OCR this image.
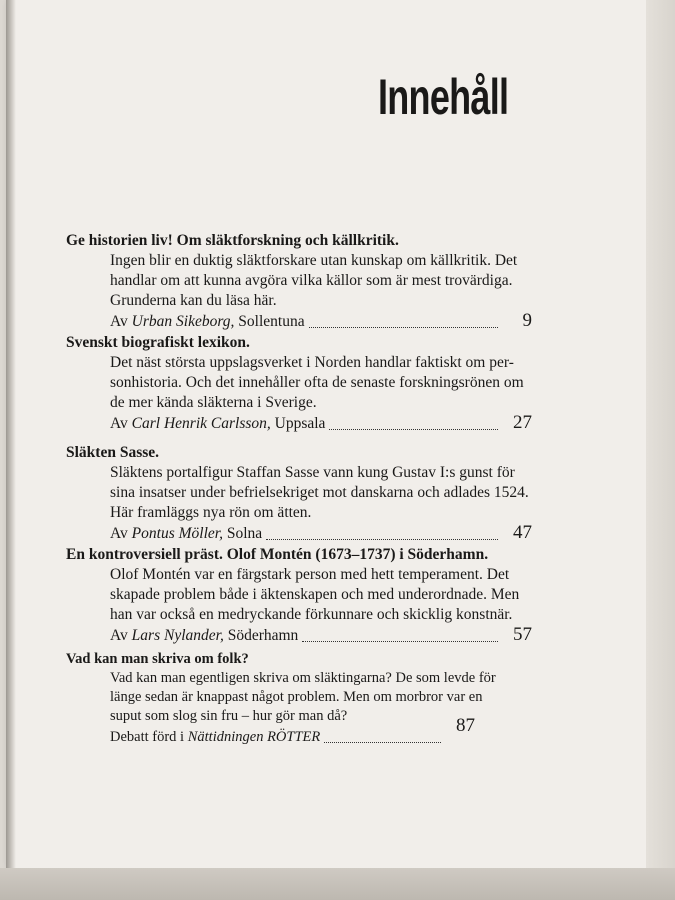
Innehåll
Ge historien liv! Om släktforskning och källkritik.

Ingen blir en duktig släktforskare utan kunskap om källkritik. Det

handlar om att kunna avgöra vilka källor som är mest trovärdiga.

Grunderna kan du läsa här.

Av
Urban Sikeborg,
Sollentuna	9
Svenskt biografiskt lexikon.

Det näst största uppslagsverket i Norden handlar faktiskt om per-

sonhistoria. Och det innehåller ofta de senaste forskningsrönen om

de mer kända släkterna i Sverige.

Av
Carl Henrik Carlsson,
Uppsala	27
Släkten Sasse.

Släktens portalfigur Staffan Sasse vann kung Gustav I:s gunst för

sina insatser under befrielsekriget mot danskarna och adlades 1524.

Här framläggs nya rön om ätten.

Av
Pontus Möller,
Solna	47
En kontroversiell präst. Olof Montén (1673–1737) i Söderhamn.

Olof Montén var en färgstark person med hett temperament. Det

skapade problem både i äktenskapen och med underordnade. Men

han var också en medryckande förkunnare och skicklig konstnär.

Av
Lars Nylander,
Söderhamn	57
Vad kan man skriva om folk?

Vad kan man egentligen skriva om släktingarna? De som levde för

länge sedan är knappast något problem. Men om morbror var en

suput som slog sin fru – hur gör man då?

Debatt förd i
Nättidningen RÖTTER
87
